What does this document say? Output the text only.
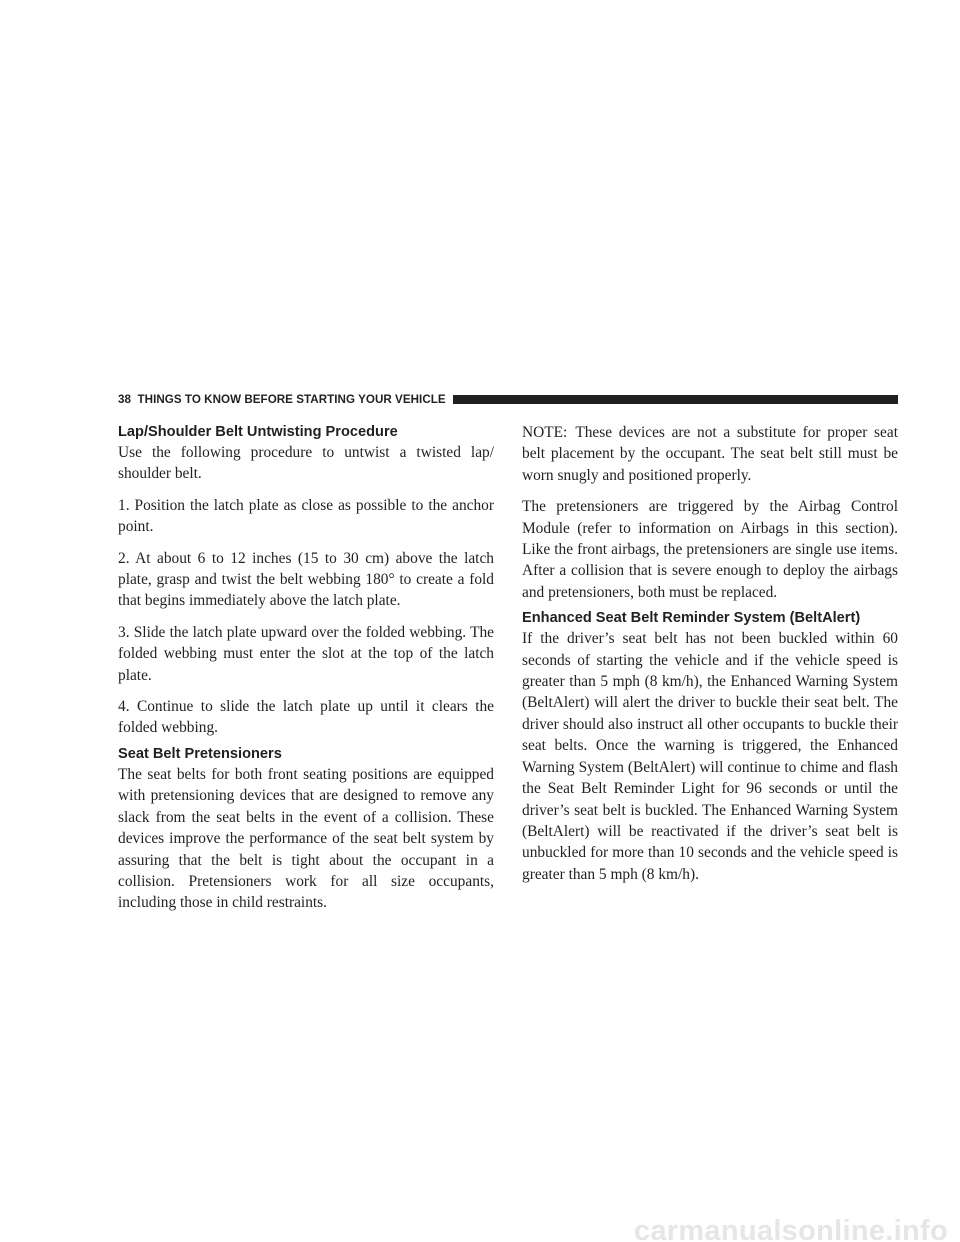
38 THINGS TO KNOW BEFORE STARTING YOUR VEHICLE
Lap/Shoulder Belt Untwisting Procedure

Use the following procedure to untwist a twisted lap/ shoulder belt.

1. Position the latch plate as close as possible to the anchor point.

2. At about 6 to 12 inches (15 to 30 cm) above the latch plate, grasp and twist the belt webbing 180° to create a fold that begins immediately above the latch plate.

3. Slide the latch plate upward over the folded webbing. The folded webbing must enter the slot at the top of the latch plate.

4. Continue to slide the latch plate up until it clears the folded webbing.

Seat Belt Pretensioners

The seat belts for both front seating positions are equipped with pretensioning devices that are designed to remove any slack from the seat belts in the event of a collision. These devices improve the performance of the seat belt system by assuring that the belt is tight about the occupant in a collision. Pretensioners work for all size occupants, including those in child restraints.

NOTE: These devices are not a substitute for proper seat belt placement by the occupant. The seat belt still must be worn snugly and positioned properly.

The pretensioners are triggered by the Airbag Control Module (refer to information on Airbags in this section). Like the front airbags, the pretensioners are single use items. After a collision that is severe enough to deploy the airbags and pretensioners, both must be replaced.

Enhanced Seat Belt Reminder System (BeltAlert)

If the driver’s seat belt has not been buckled within 60 seconds of starting the vehicle and if the vehicle speed is greater than 5 mph (8 km/h), the Enhanced Warning System (BeltAlert) will alert the driver to buckle their seat belt. The driver should also instruct all other occupants to buckle their seat belts. Once the warning is triggered, the Enhanced Warning System (BeltAlert) will continue to chime and flash the Seat Belt Reminder Light for 96 seconds or until the driver’s seat belt is buckled. The Enhanced Warning System (BeltAlert) will be reactivated if the driver’s seat belt is unbuckled for more than 10 seconds and the vehicle speed is greater than 5 mph (8 km/h).

carmanualsonline.info
